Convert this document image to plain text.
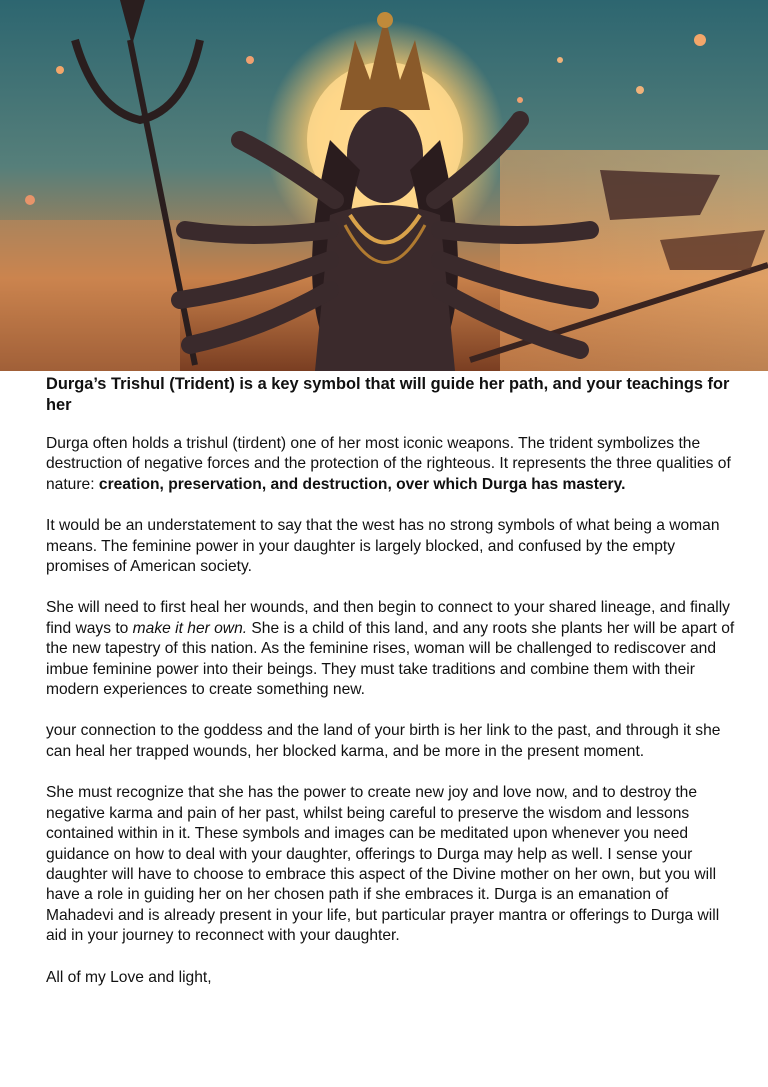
Durga’s Trishul (Trident) is a key symbol that will guide her path, and your teachings for her

Durga often holds a trishul (tirdent) one of her most iconic weapons. The trident symbolizes the destruction of negative forces and the protection of the righteous. It represents the three qualities of nature: creation, preservation, and destruction, over which Durga has mastery.

It would be an understatement to say that the west has no strong symbols of what being a woman means. The feminine power in your daughter is largely blocked, and confused by the empty promises of American society.

She will need to first heal her wounds, and then begin to connect to your shared lineage, and finally find ways to make it her own. She is a child of this land, and any roots she plants her will be apart of the new tapestry of this nation. As the feminine rises, woman will be challenged to rediscover and imbue feminine power into their beings. They must take traditions and combine them with their modern experiences to create something new.

your connection to the goddess and the land of your birth is her link to the past, and through it she can heal her trapped wounds, her blocked karma, and be more in the present moment.

She must recognize that she has the power to create new joy and love now, and to destroy the negative karma and pain of her past, whilst being careful to preserve the wisdom and lessons contained within in it. These symbols and images can be meditated upon whenever you need guidance on how to deal with your daughter, offerings to Durga may help as well. I sense your daughter will have to choose to embrace this aspect of the Divine mother on her own, but you will have a role in guiding her on her chosen path if she embraces it. Durga is an emanation of Mahadevi and is already present in your life, but particular prayer mantra or offerings to Durga will aid in your journey to reconnect with your daughter.

All of my Love and light,
